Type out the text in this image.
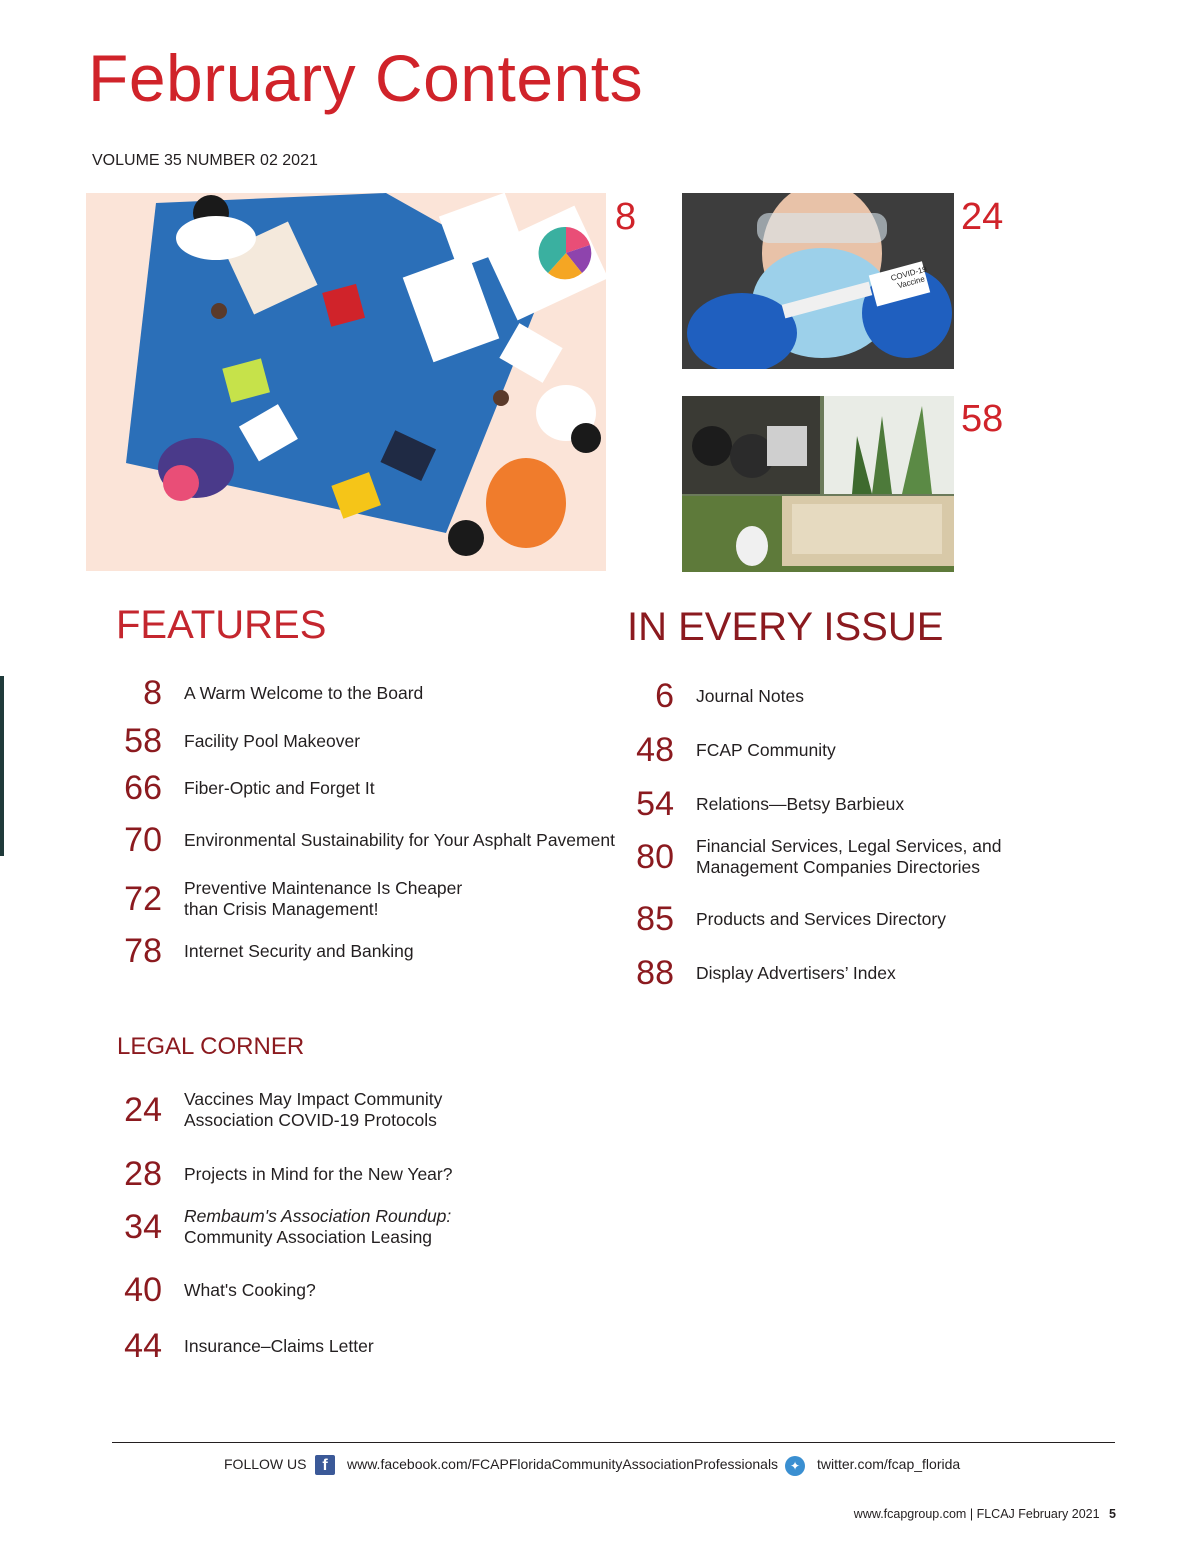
February Contents
VOLUME 35 NUMBER 02 2021
8
COVID-19 Vaccine
24
58
FEATURES
8 A Warm Welcome to the Board
58 Facility Pool Makeover
66 Fiber-Optic and Forget It
70 Environmental Sustainability for Your Asphalt Pavement
72 Preventive Maintenance Is Cheaper
than Crisis Management!
78 Internet Security and Banking
IN EVERY ISSUE
6 Journal Notes
48 FCAP Community
54 Relations—Betsy Barbieux
80 Financial Services, Legal Services, and
Management Companies Directories
85 Products and Services Directory
88 Display Advertisers’ Index
LEGAL CORNER
24 Vaccines May Impact Community
Association COVID-19 Protocols
28 Projects in Mind for the New Year?
34 Rembaum's Association Roundup:
Community Association Leasing
40 What's Cooking?
44 Insurance–Claims Letter
FOLLOW US f	www.facebook.com/FCAPFloridaCommunityAssociationProfessionals ✦	twitter.com/fcap_florida
www.fcapgroup.com | FLCAJ February 2021 5
